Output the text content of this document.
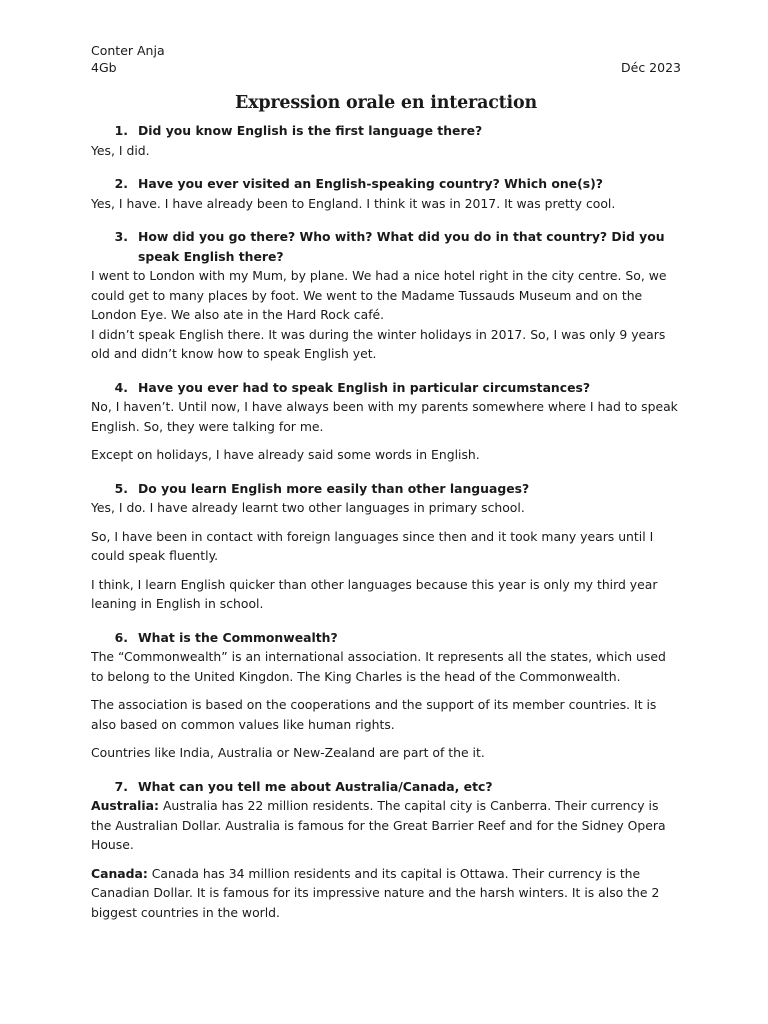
Conter Anja
4Gb	Déc 2023
Expression orale en interaction
1. Did you know English is the first language there?

Yes, I did.

2. Have you ever visited an English-speaking country? Which one(s)?

Yes, I have. I have already been to England. I think it was in 2017. It was pretty cool.

3. How did you go there? Who with? What did you do in that country? Did you speak English there?

I went to London with my Mum, by plane. We had a nice hotel right in the city centre. So, we could get to many places by foot. We went to the Madame Tussauds Museum and on the London Eye. We also ate in the Hard Rock café.

I didn’t speak English there. It was during the winter holidays in 2017. So, I was only 9 years old and didn’t know how to speak English yet.

4. Have you ever had to speak English in particular circumstances?

No, I haven’t. Until now, I have always been with my parents somewhere where I had to speak English. So, they were talking for me.

Except on holidays, I have already said some words in English.

5. Do you learn English more easily than other languages?

Yes, I do. I have already learnt two other languages in primary school.

So, I have been in contact with foreign languages since then and it took many years until I could speak fluently.

I think, I learn English quicker than other languages because this year is only my third year leaning in English in school.

6. What is the Commonwealth?

The “Commonwealth” is an international association. It represents all the states, which used to belong to the United Kingdon. The King Charles is the head of the Commonwealth.

The association is based on the cooperations and the support of its member countries. It is also based on common values like human rights.

Countries like India, Australia or New-Zealand are part of the it.

7. What can you tell me about Australia/Canada, etc?

Australia: Australia has 22 million residents. The capital city is Canberra. Their currency is the Australian Dollar. Australia is famous for the Great Barrier Reef and for the Sidney Opera House.

Canada: Canada has 34 million residents and its capital is Ottawa. Their currency is the Canadian Dollar. It is famous for its impressive nature and the harsh winters. It is also the 2 biggest countries in the world.
